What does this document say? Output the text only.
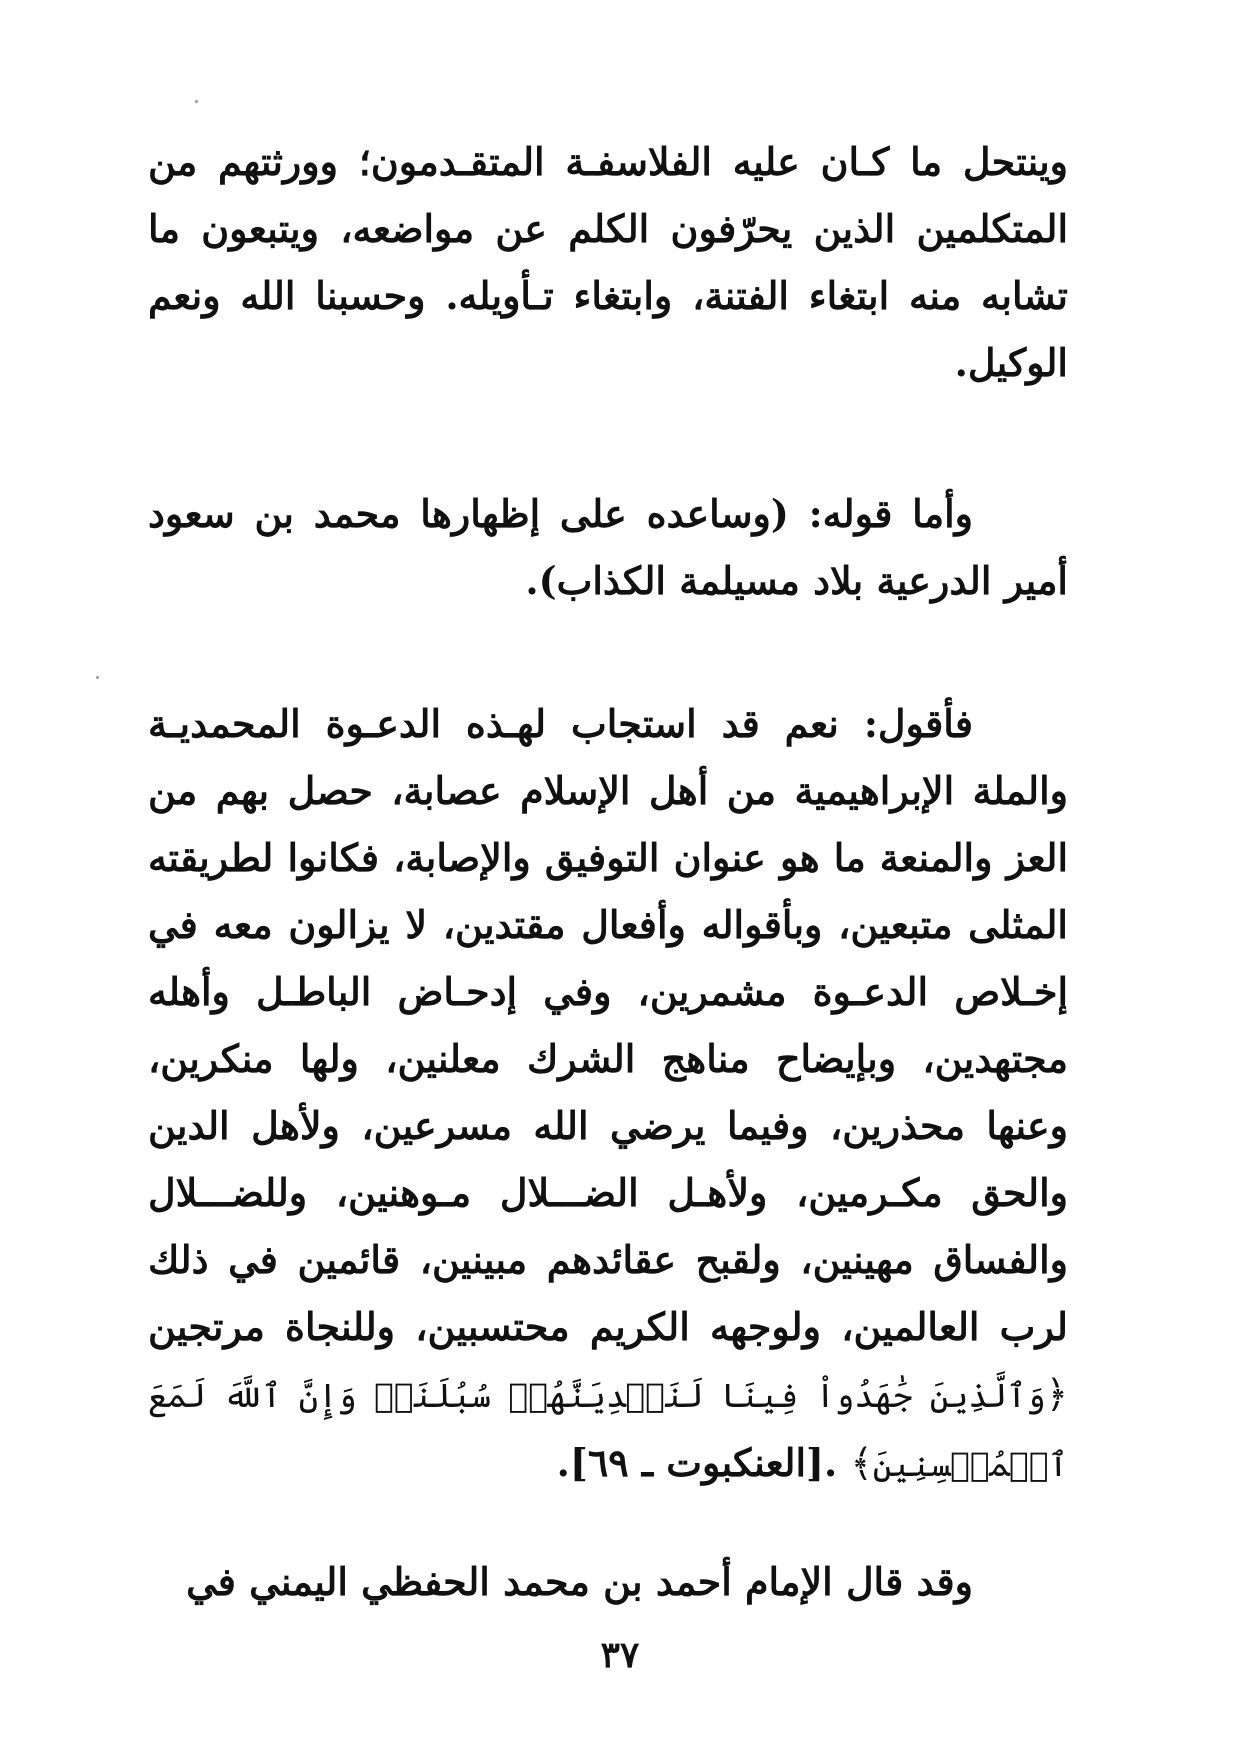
وينتحل ما كـان عليه الفلاسفـة المتقـدمون؛ وورثتهم من المتكلمين الذين يحرّفون الكلم عن مواضعه، ويتبعون ما تشابه منه ابتغاء الفتنة، وابتغاء تـأويله. وحسبنا الله ونعم الوكيل.

وأما قوله: (وساعده على إظهارها محمد بن سعود أمير الدرعية بلاد مسيلمة الكذاب).

فأقول: نعم قد استجاب لهـذه الدعـوة المحمديـة والملة الإبراهيمية من أهل الإسلام عصابة، حصل بهم من العز والمنعة ما هو عنوان التوفيق والإصابة، فكانوا لطريقته المثلى متبعين، وبأقواله وأفعال مقتدين، لا يزالون معه في إخـلاص الدعـوة مشمرين، وفي إدحـاض الباطـل وأهله مجتهدين، وبإيضاح مناهج الشرك معلنين، ولها منكرين، وعنها محذرين، وفيما يرضي الله مسرعين، ولأهل الدين والحق مكـرمين، ولأهـل الضـــلال مـوهنين، وللضـــلال والفساق مهينين، ولقبح عقائدهم مبينين، قائمين في ذلك لرب العالمين، ولوجهه الكريم محتسبين، وللنجاة مرتجين ﴿وَٱلَّذِينَ جَٰهَدُواْ فِينَا لَنَهۡدِيَنَّهُمۡ سُبُلَنَاۚ وَإِنَّ ٱللَّهَ لَمَعَ ٱلۡمُحۡسِنِينَ﴾ .[العنكبوت ـ ٦٩].

وقد قال الإمام أحمد بن محمد الحفظي اليمني في

٣٧
